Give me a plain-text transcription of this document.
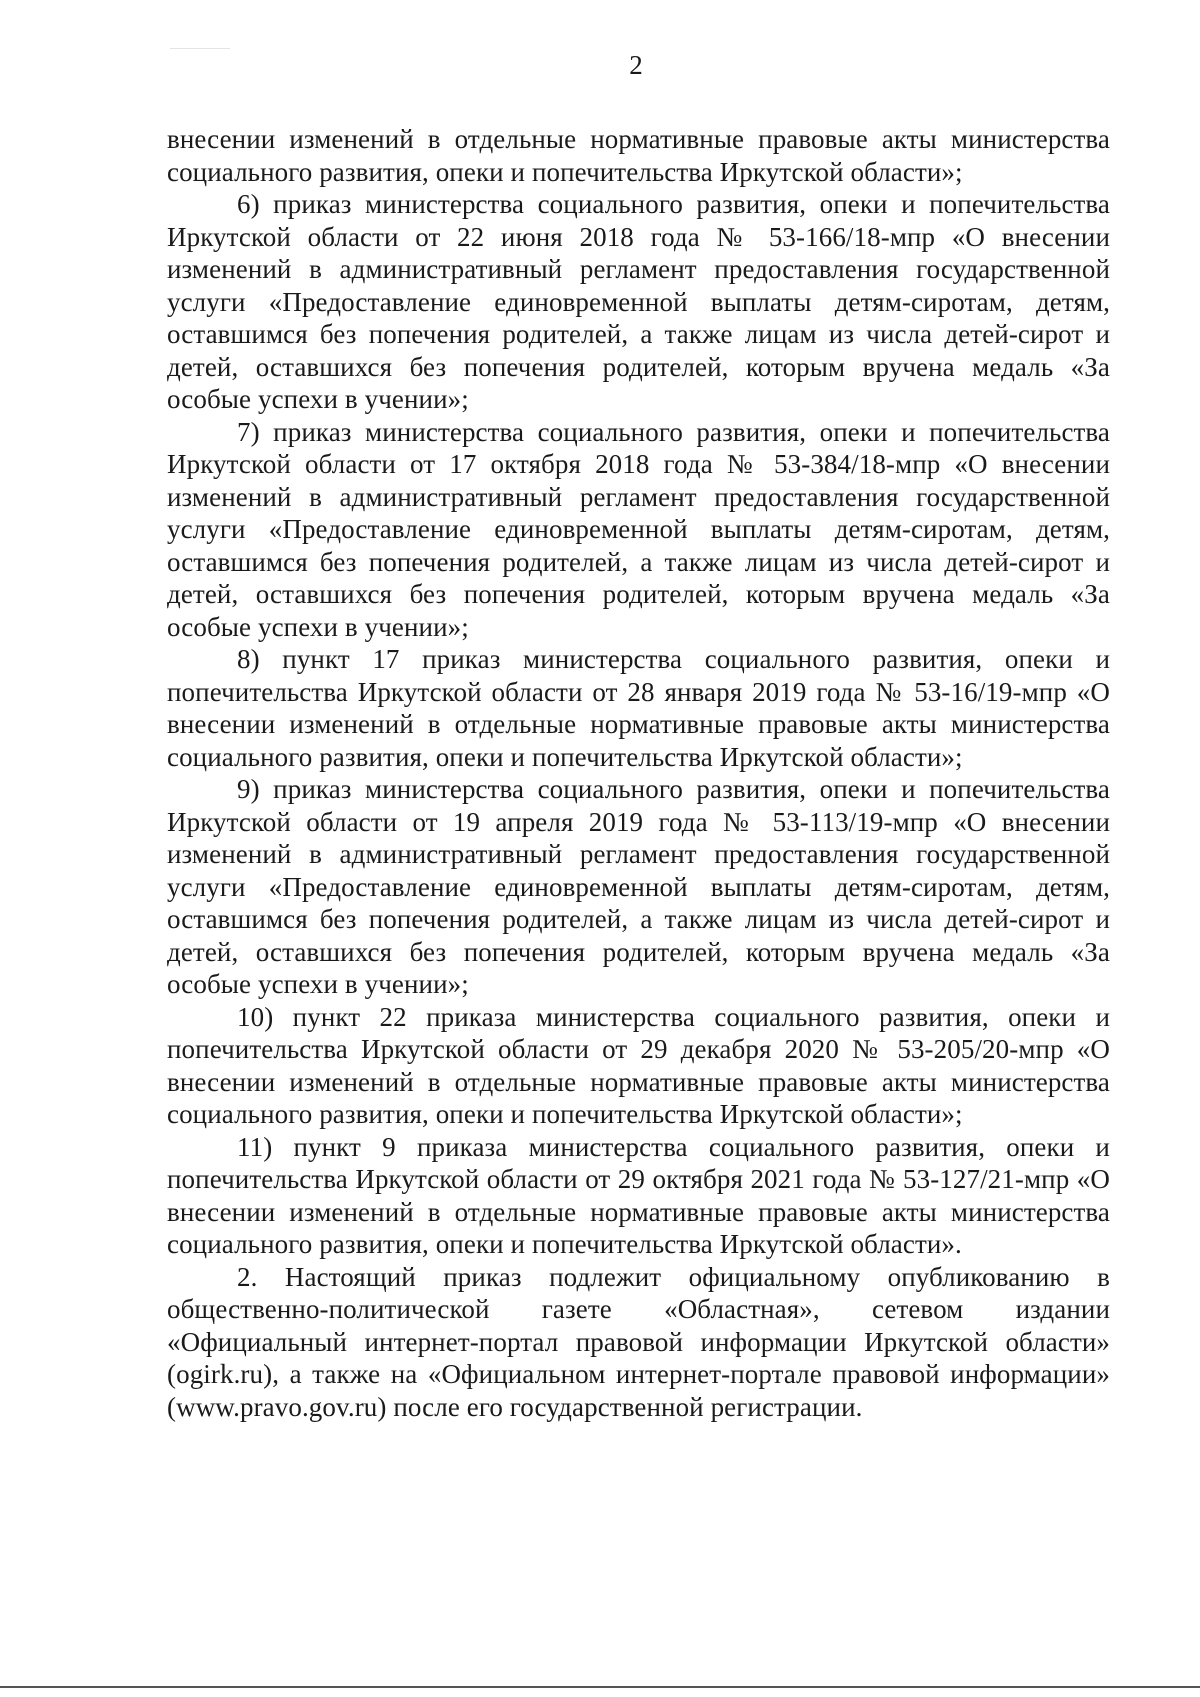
2

внесении изменений в отдельные нормативные правовые акты министерства социального развития, опеки и попечительства Иркутской области»;

6) приказ министерства социального развития, опеки и попечительства Иркутской области от 22 июня 2018 года № 53-166/18-мпр «О внесении изменений в административный регламент предоставления государственной услуги «Предоставление единовременной выплаты детям-сиротам, детям, оставшимся без попечения родителей, а также лицам из числа детей-сирот и детей, оставшихся без попечения родителей, которым вручена медаль «За особые успехи в учении»;

7) приказ министерства социального развития, опеки и попечительства Иркутской области от 17 октября 2018 года № 53-384/18-мпр «О внесении изменений в административный регламент предоставления государственной услуги «Предоставление единовременной выплаты детям-сиротам, детям, оставшимся без попечения родителей, а также лицам из числа детей-сирот и детей, оставшихся без попечения родителей, которым вручена медаль «За особые успехи в учении»;

8) пункт 17 приказ министерства социального развития, опеки и попечительства Иркутской области от 28 января 2019 года № 53-16/19-мпр «О внесении изменений в отдельные нормативные правовые акты министерства социального развития, опеки и попечительства Иркутской области»;

9) приказ министерства социального развития, опеки и попечительства Иркутской области от 19 апреля 2019 года № 53-113/19-мпр «О внесении изменений в административный регламент предоставления государственной услуги «Предоставление единовременной выплаты детям-сиротам, детям, оставшимся без попечения родителей, а также лицам из числа детей-сирот и детей, оставшихся без попечения родителей, которым вручена медаль «За особые успехи в учении»;

10) пункт 22 приказа министерства социального развития, опеки и попечительства Иркутской области от 29 декабря 2020 № 53-205/20-мпр «О внесении изменений в отдельные нормативные правовые акты министерства социального развития, опеки и попечительства Иркутской области»;

11) пункт 9 приказа министерства социального развития, опеки и попечительства Иркутской области от 29 октября 2021 года № 53-127/21-мпр «О внесении изменений в отдельные нормативные правовые акты министерства социального развития, опеки и попечительства Иркутской области».

2. Настоящий приказ подлежит официальному опубликованию в общественно-политической газете «Областная», сетевом издании «Официальный интернет-портал правовой информации Иркутской области» (ogirk.ru), а также на «Официальном интернет-портале правовой информации» (www.pravo.gov.ru) после его государственной регистрации.
